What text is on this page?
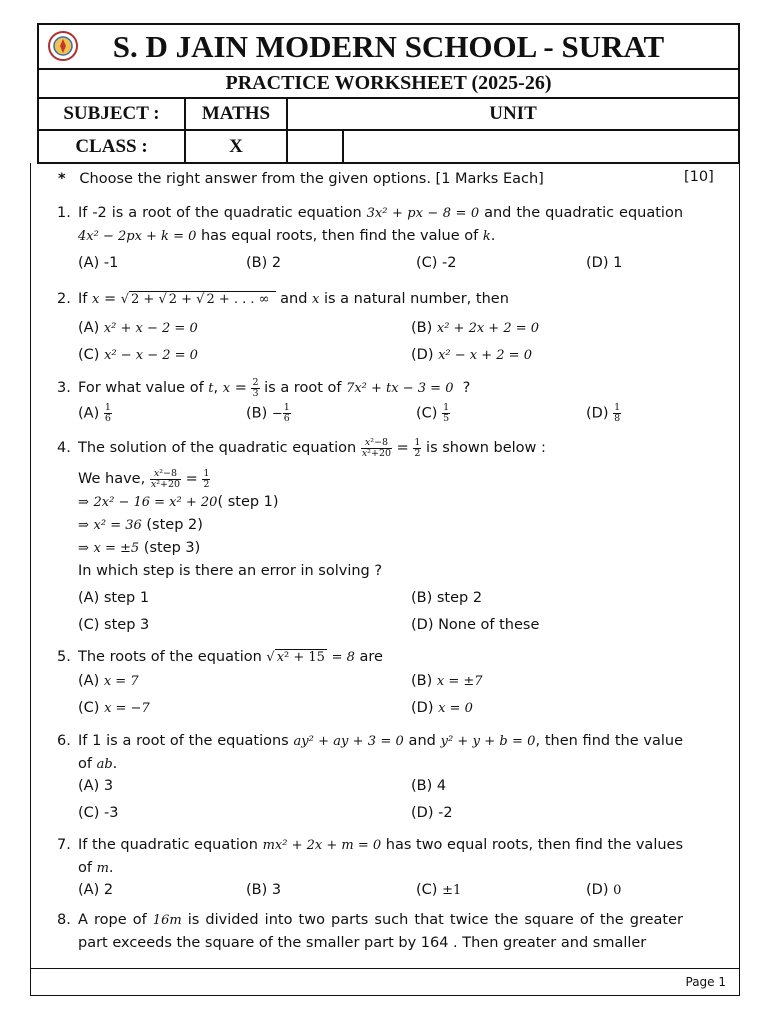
S. D JAIN MODERN SCHOOL - SURAT			
PRACTICE WORKSHEET (2025-26)			
SUBJECT :	MATHS	UNIT	
CLASS :	X		
* Choose the right answer from the given options. [1 Marks Each]	[10]
1. If -2 is a root of the quadratic equation 3x² + px − 8 = 0 and the quadratic equation 4x² − 2px + k = 0 has equal roots, then find the value of k.
(A) -1	(B) 2	(C) -2	(D) 1
2. If x = √ 2 + √ 2 + √ 2 + . . . ∞ and x is a natural number, then
(A) x² + x − 2 = 0	(B) x² + 2x + 2 = 0
(C) x² − x − 2 = 0	(D) x² − x + 2 = 0
3. For what value of t, $x = \frac{2}{3}$ is a root of 7x² + tx − 3 = 0  ?
$(A) \frac{1}{6}$	$(B) - \frac{1}{6}$	$(C) \frac{1}{5}$	$(D) \frac{1}{8}$
4. The solution of the quadratic equation $\frac{\text{x²−8}}{\text{x²+20}} = \frac{1}{2}$ is shown below :
We have, $\frac{\text{x²−8}}{\text{x²+20}} = \frac{1}{2}$
⇒ 2x² − 16 = x² + 20( step 1)
⇒ x² = 36 (step 2)
⇒ x = ±5 (step 3)
In which step is there an error in solving ?
(A) step 1	(B) step 2
(C) step 3	(D) None of these
5. The roots of the equation √ x² + 15 = 8 are
(A) x = 7	(B) x = ±7
(C) x = −7	(D) x = 0
6. If 1 is a root of the equations ay² + ay + 3 = 0 and y² + y + b = 0, then find the value of ab.
(A) 3	(B) 4
(C) -3	(D) -2
7. If the quadratic equation mx² + 2x + m = 0 has two equal roots, then find the values of m.
(A) 2	(B) 3	(C) ±1	(D) 0
8. A rope of 16m is divided into two parts such that twice the square of the greater part exceeds the square of the smaller part by 164 . Then greater and smaller
Page 1
